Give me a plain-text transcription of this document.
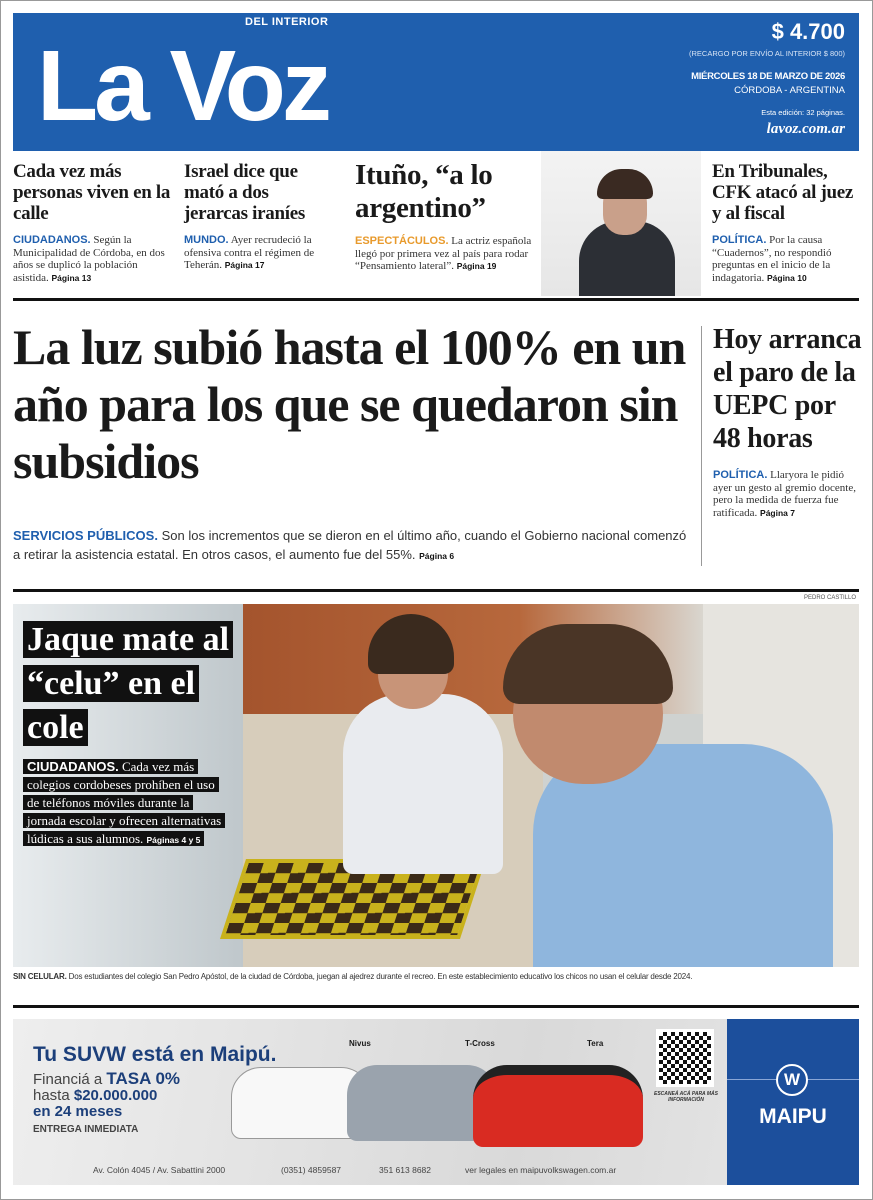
La Voz
DEL INTERIOR	$ 4.700
(RECARGO POR ENVÍO AL INTERIOR $ 800)
MIÉRCOLES 18 DE MARZO DE 2026
CÓRDOBA - ARGENTINA
Esta edición: 32 páginas.
lavoz.com.ar
Cada vez más personas viven en la calle

CIUDADANOS. Según la Municipalidad de Córdoba, en dos años se duplicó la población asistida. Página 13

Israel dice que mató a dos jerarcas iraníes

MUNDO. Ayer recrudeció la ofensiva contra el régimen de Teherán. Página 17

Ituño, “a lo argentino”

ESPECTÁCULOS. La actriz española llegó por primera vez al país para rodar “Pensamiento lateral”. Página 19

En Tribunales, CFK atacó al juez y al fiscal

POLÍTICA. Por la causa “Cuadernos”, no respondió preguntas en el inicio de la indagatoria. Página 10

La luz subió hasta el 100% en un año para los que se quedaron sin subsidios

SERVICIOS PÚBLICOS. Son los incrementos que se dieron en el último año, cuando el Gobierno nacional comenzó a retirar la asistencia estatal. En otros casos, el aumento fue del 55%. Página 6

Hoy arranca el paro de la UEPC por 48 horas

POLÍTICA. Llaryora le pidió ayer un gesto al gremio docente, pero la medida de fuerza fue ratificada. Página 7

PEDRO CASTILLO
Jaque mate al “celu” en el cole
CIUDADANOS. Cada vez más colegios cordobeses prohíben el uso de teléfonos móviles durante la jornada escolar y ofrecen alternativas lúdicas a sus alumnos. Páginas 4 y 5

SIN CELULAR. Dos estudiantes del colegio San Pedro Apóstol, de la ciudad de Córdoba, juegan al ajedrez durante el recreo. En este establecimiento educativo los chicos no usan el celular desde 2024.

Tu SUVW está en Maipú.
Financiá a TASA 0%
hasta $20.000.000
en 24 meses
ENTREGA INMEDIATA
Nivus	T-Cross	Tera
ESCANEÁ ACÁ PARA MÁS INFORMACIÓN
Av. Colón 4045 / Av. Sabattini 2000	(0351) 4859587	351 613 8682	ver legales en maipuvolkswagen.com.ar
W
MAIPU
